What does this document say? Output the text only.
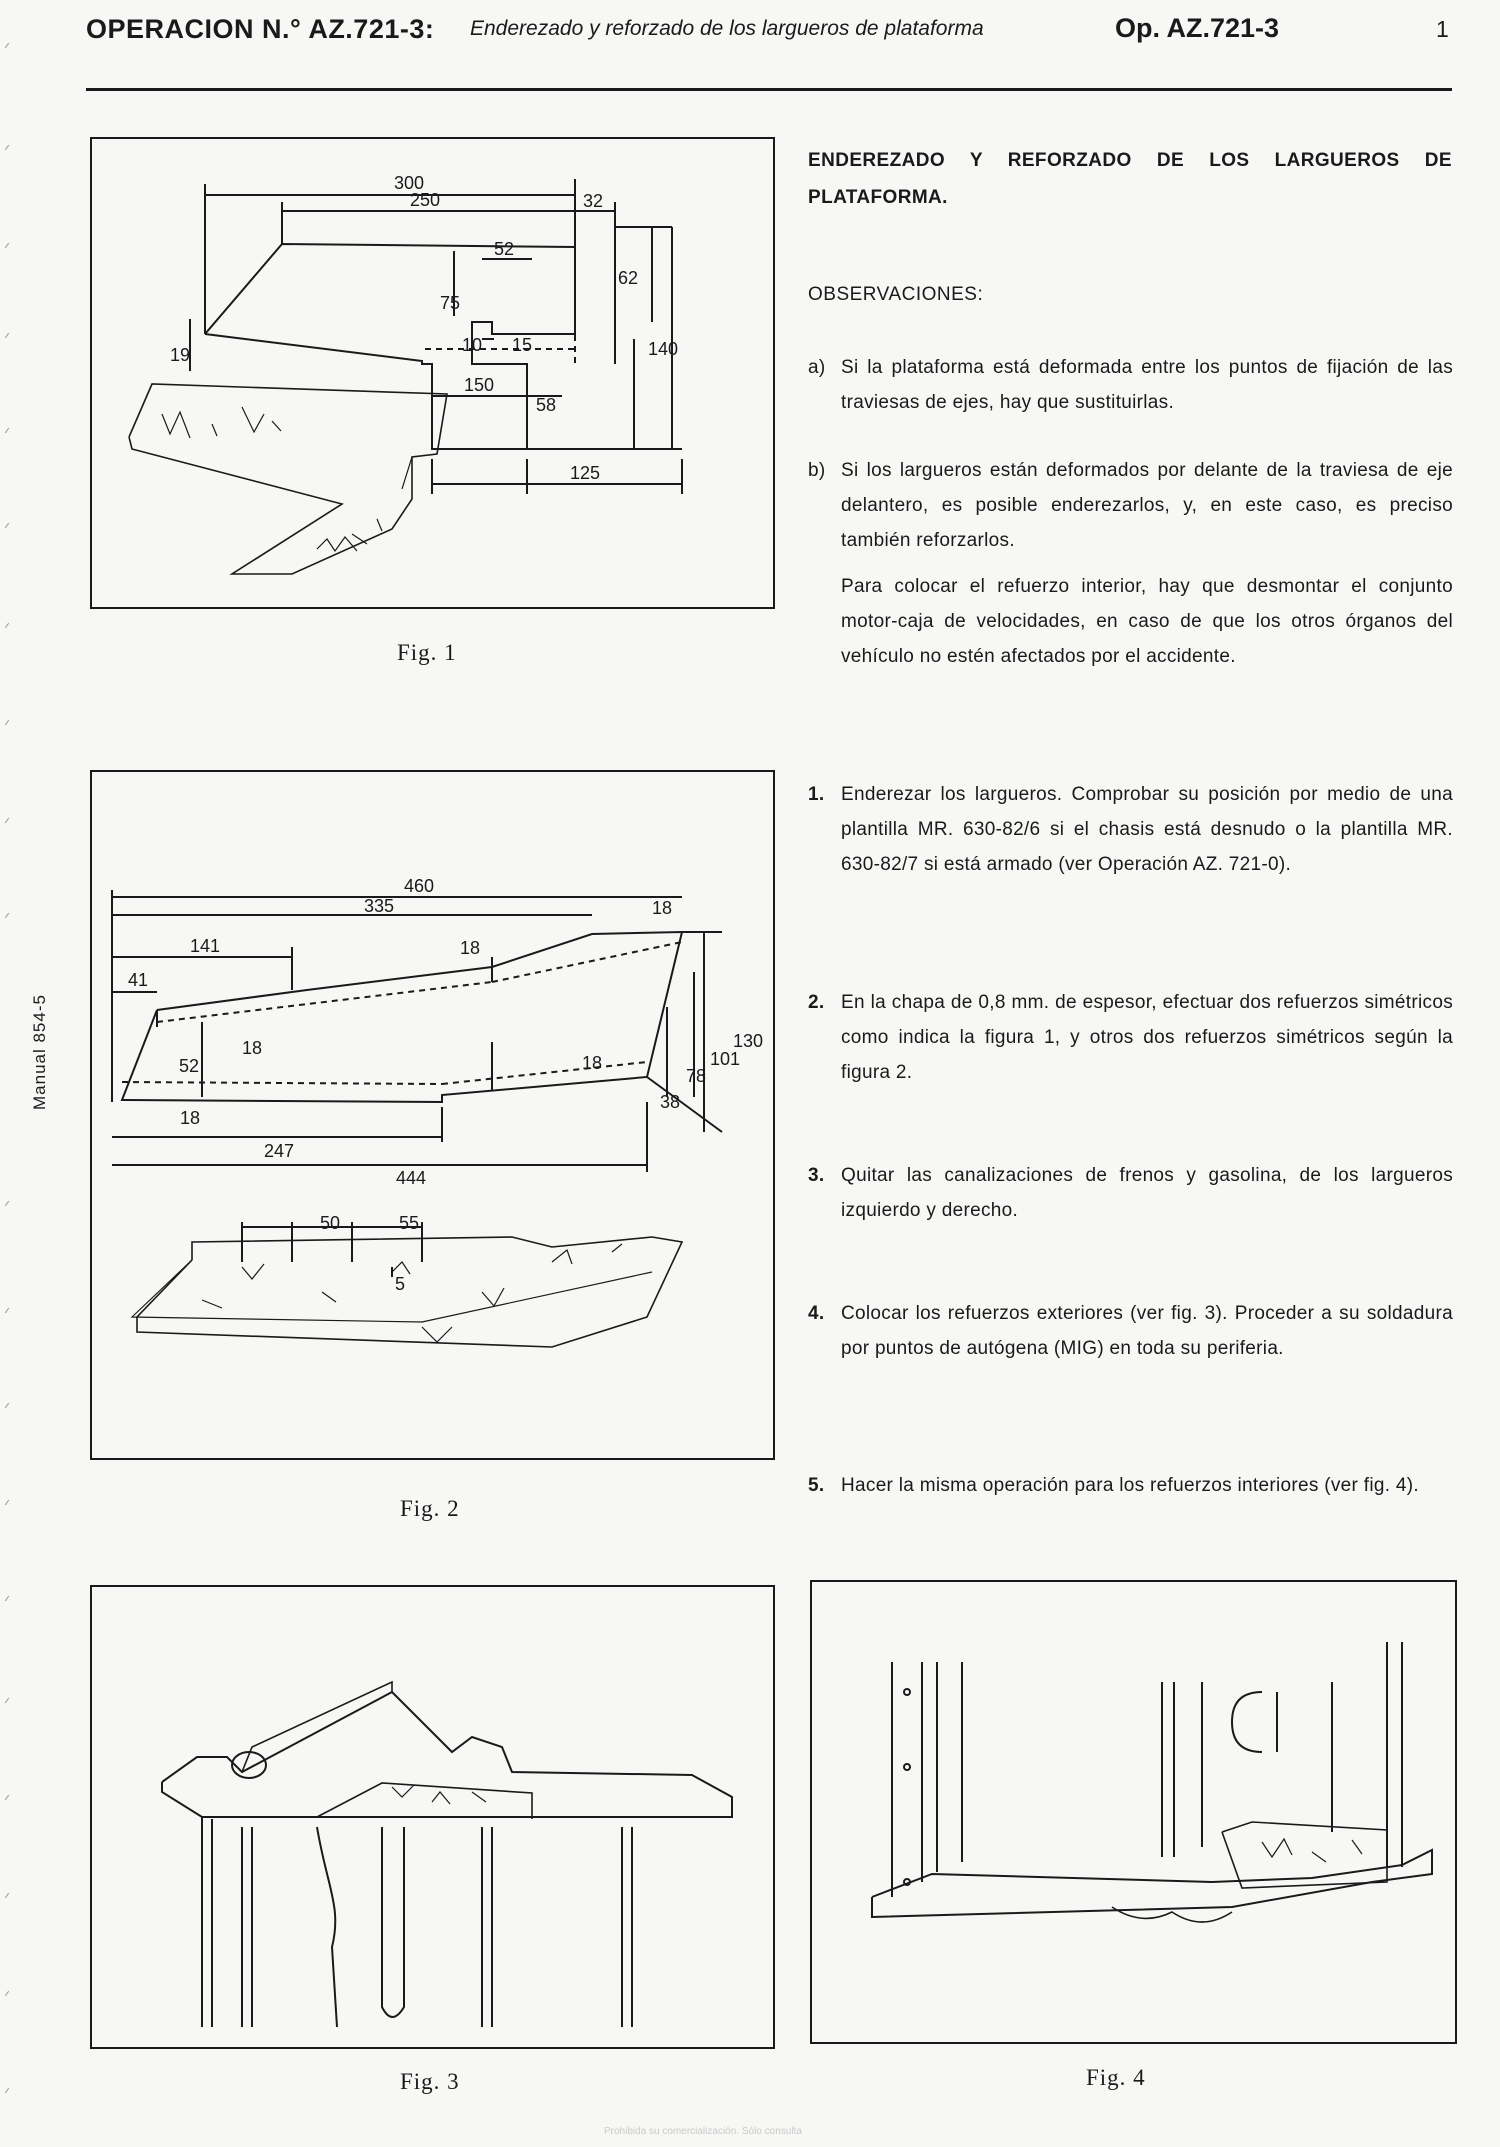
OPERACION N.° AZ.721-3: Enderezado y reforzado de los largueros de plataforma	Op. AZ.721-3	1
Manual 854-5
300
250	32
52
62
75
19	10 15	140
150
58
125
Fig. 1
460
335	18
141	18
41
18	130
52	18	101
78
38
18
247
444
50	55
5
Fig. 2
Fig. 3	Fig. 4
ENDEREZADO Y REFORZADO DE LOS LARGUEROS DE PLATAFORMA.
OBSERVACIONES:
a) Si la plataforma está deformada entre los puntos de fijación de las traviesas de ejes, hay que sustituirlas.
b) Si los largueros están deformados por delante de la traviesa de eje delantero, es posible enderezarlos, y, en este caso, es preciso también reforzarlos.
Para colocar el refuerzo interior, hay que desmontar el conjunto motor-caja de velocidades, en caso de que los otros órganos del vehículo no estén afectados por el accidente.
1. Enderezar los largueros. Comprobar su posición por medio de una plantilla MR. 630-82/6 si el chasis está desnudo o la plantilla MR. 630-82/7 si está armado (ver Operación AZ. 721-0).
2. En la chapa de 0,8 mm. de espesor, efectuar dos refuerzos simétricos como indica la figura 1, y otros dos refuerzos simétricos según la figura 2.
3. Quitar las canalizaciones de frenos y gasolina, de los largueros izquierdo y derecho.
4. Colocar los refuerzos exteriores (ver fig. 3). Proceder a su soldadura por puntos de autógena (MIG) en toda su periferia.
5. Hacer la misma operación para los refuerzos interiores (ver fig. 4).
Prohibida su comercialización. Sólo consulta
